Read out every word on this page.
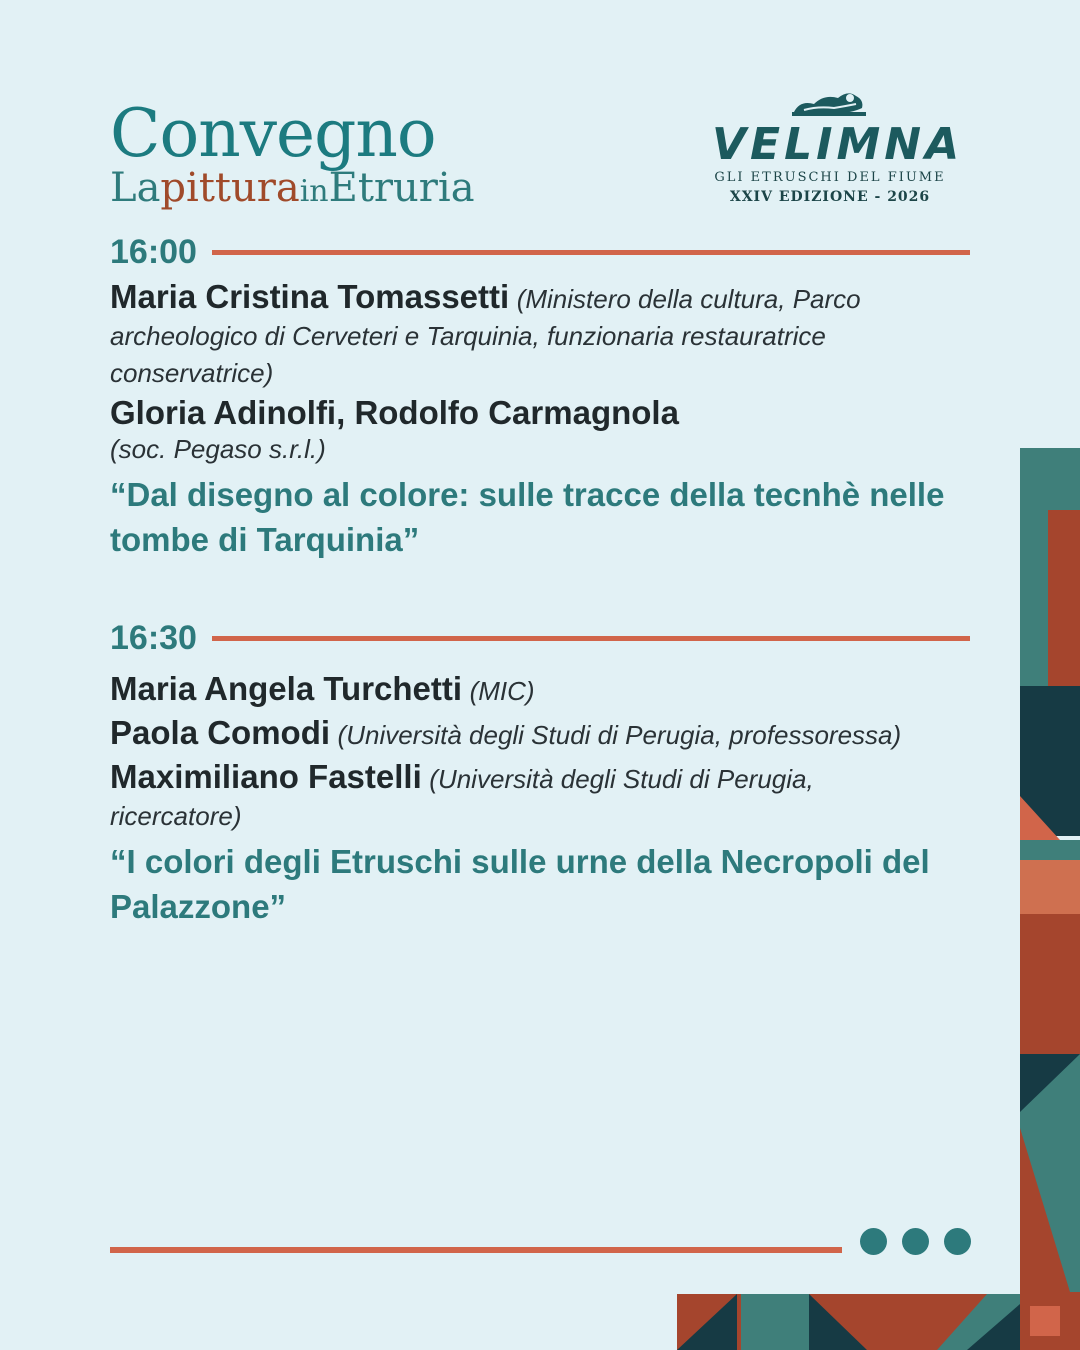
Convegno
LapitturainEtruria
VELIMNA
GLI ETRUSCHI DEL FIUME
XXIV EDIZIONE - 2026
16:00
Maria Cristina Tomassetti (Ministero della cultura, Parco archeologico di Cerveteri e Tarquinia, funzionaria restauratrice conservatrice)
Gloria Adinolfi, Rodolfo Carmagnola
(soc. Pegaso s.r.l.)
“Dal disegno al colore: sulle tracce della tecnhè nelle tombe di Tarquinia”
16:30
Maria Angela Turchetti (MIC)
Paola Comodi (Università degli Studi di Perugia, professoressa)
Maximiliano Fastelli (Università degli Studi di Perugia, ricercatore)
“I colori degli Etruschi sulle urne della Necropoli del Palazzone”
